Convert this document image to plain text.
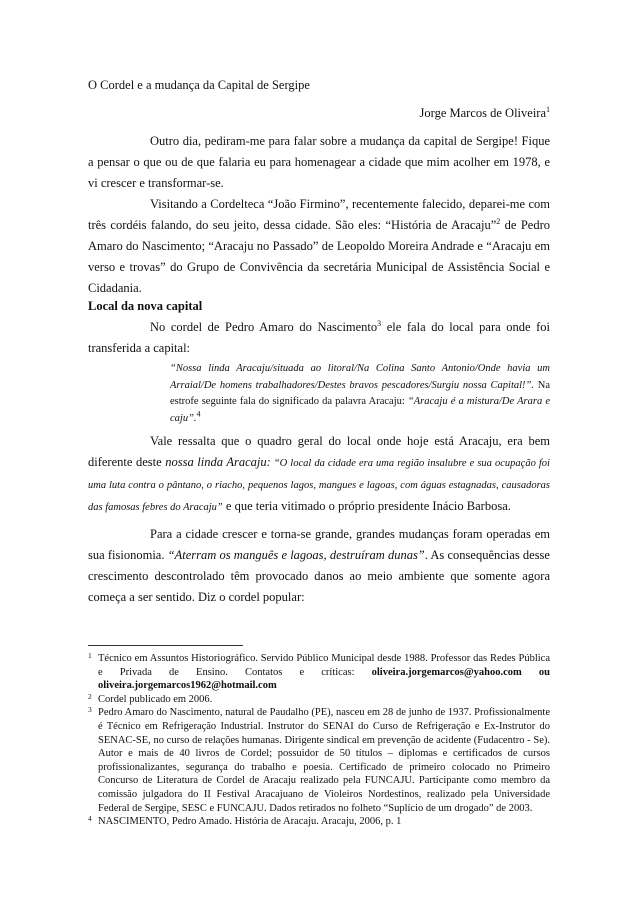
O Cordel e a mudança da Capital de Sergipe
Jorge Marcos de Oliveira$^1$
Outro dia, pediram-me para falar sobre a mudança da capital de Sergipe! Fique a pensar o que ou de que falaria eu para homenagear a cidade que mim acolher em 1978, e vi crescer e transformar-se.
Visitando a Cordelteca “João Firmino”, recentemente falecido, deparei-me com três cordéis falando, do seu jeito, dessa cidade. São eles: “História de Aracaju”$^2$ de Pedro Amaro do Nascimento; “Aracaju no Passado” de Leopoldo Moreira Andrade e “Aracaju em verso e trovas” do Grupo de Convivência da secretária Municipal de Assistência Social e Cidadania.
Local da nova capital
No cordel de Pedro Amaro do Nascimento$^3$ ele fala do local para onde foi transferida a capital:
“Nossa linda Aracaju/situada ao litoral/Na Colina Santo Antonio/Onde havia um Arraial/De homens trabalhadores/Destes bravos pescadores/Surgiu nossa Capital!”. Na estrofe seguinte fala do significado da palavra Aracaju: “Aracaju é a mistura/De Arara e caju”.$^4$
Vale ressalta que o quadro geral do local onde hoje está Aracaju, era bem diferente deste nossa linda Aracaju: “O local da cidade era uma região insalubre e sua ocupação foi uma luta contra o pântano, o riacho, pequenos lagos, mangues e lagoas, com águas estagnadas, causadoras das famosas febres do Aracaju” e que teria vitimado o próprio presidente Inácio Barbosa.
Para a cidade crescer e torna-se grande, grandes mudanças foram operadas em sua fisionomia. “Aterram os manguês e lagoas, destruíram dunas”. As consequências desse crescimento descontrolado têm provocado danos ao meio ambiente que somente agora começa a ser sentido. Diz o cordel popular:

1 Técnico em Assuntos Historiográfico. Servido Público Municipal desde 1988. Professor das Redes Pública e Privada de Ensino. Contatos e críticas: oliveira.jorgemarcos@yahoo.com ou oliveira.jorgemarcos1962@hotmail.com

2 Cordel publicado em 2006.

3 Pedro Amaro do Nascimento, natural de Paudalho (PE), nasceu em 28 de junho de 1937. Profissionalmente é Técnico em Refrigeração Industrial. Instrutor do SENAI do Curso de Refrigeração e Ex-Instrutor do SENAC-SE, no curso de relações humanas. Dirigente sindical em prevenção de acidente (Fudacentro - Se). Autor e mais de 40 livros de Cordel; possuidor de 50 títulos – diplomas e certificados de cursos profissionalizantes, segurança do trabalho e poesia. Certificado de primeiro colocado no Primeiro Concurso de Literatura de Cordel de Aracaju realizado pela FUNCAJU. Participante como membro da comissão julgadora do II Festival Aracajuano de Violeiros Nordestinos, realizado pela Universidade Federal de Sergipe, SESC e FUNCAJU. Dados retirados no folheto “Suplício de um drogado” de 2003.

4 NASCIMENTO, Pedro Amado. História de Aracaju. Aracaju, 2006, p. 1
